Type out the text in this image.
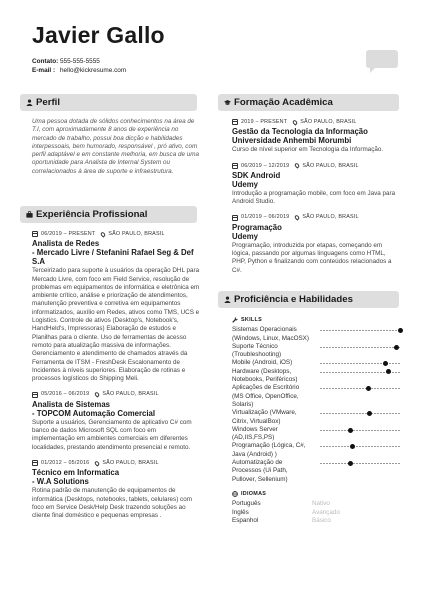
Javier Gallo
Contato: 555-555-5555
E-mail : hello@kickresume.com
Perfil
Uma pessoa dotada de sólidos conhecimentos na área de T.I, com aproximadamente 8 anos de experiência no mercado de trabalho, possui boa dicção e habilidades interpessoais, bem humorado, responsável , pró ativo, com perfil adaptável e em constante melhoria, em busca de uma oportunidade para Analista de Internal System ou correlacionados à área de suporte e infraestrutura.
Experiência Profissional
06/2019 – PRESENT SÃO PAULO, BRASIL
Analista de Redes
- Mercado Livre / Stefanini Rafael Seg & Def S.A
Terceirizado para suporte à usuários da operação DHL para Mercado Livre, com foco em Field Service, resolução de problemas em equipamentos de informática e eletrônica em ambiente crítico, análise e priorização de atendimentos, manutenção preventiva e corretiva em equipamentos informatizados, auxílio em Redes, ativos como TMS, UCS e Logistics. Controle de ativos (Desktop's, Notebook's, HandHeld's, Impressoras) Elaboração de estudos e Planilhas para o cliente. Uso de ferramentas de acesso remoto para atualização massiva de informações. Gerenciamento e atendimento de chamados através da Ferramenta de ITSM - FreshDesk Escalonamento de Incidentes à níveis superiores. Elaboração de rotinas e processos logísticos do Shipping Meli.
05/2016 – 06/2019 SÃO PAULO, BRASIL
Analista de Sistemas
- TOPCOM Automação Comercial
Suporte a usuários, Gerenciamento de aplicativo C# com banco de dados Microsoft SQL com foco em implementação em ambientes comerciais em diferentes localidades, prestando atendimento presencial e remoto.
01/2012 – 05/2016 SÃO PAULO, BRASIL
Técnico em Informatica
- W.A Solutions
Rotina padrão de manutenção de equipamentos de informática (Desktops, notebooks, tablets, celulares) com foco em Service Desk/Help Desk trazendo soluções ao cliente final doméstico e pequenas empresas .
Formação Acadêmica
2019 – PRESENT SÃO PAULO, BRASIL
Gestão da Tecnologia da Informação
Universidade Anhembi Morumbi
Curso de nível superior em Tecnologia da Informação.
06/2019 – 12/2019 SÃO PAULO, BRASIL
SDK Android
Udemy
Introdução a programação mobile, com foco em Java para Android Studio.
01/2019 – 06/2019 SÃO PAULO, BRASIL
Programação
Udemy
Programação, introduzida por etapas, começando em lógica, passando por algumas linguagens como HTML, PHP, Python e finalizando com conteúdos relacionados a C#.
Proficiência e Habilidades
SKILLS
Sistemas Operacionais (Windows, Linux, MacOSX)
Suporte Técnico (Troubleshooting)
Mobile (Android, iOS)
Hardware (Desktops, Notebooks, Periféricos)
Aplicações de Escritório (MS Office, OpenOffice, Solaris)
Virtualização (VMware, Citrix, VirtualBox)
Windows Server (AD,IIS,FS,PS)
Programação (Lógica, C#, Java (Android) )
Automatização de Processos (Ui Path, Pullover, Sellenium)
IDIOMAS
Português	Nativo
Inglês	Avançado
Espanhol	Básico
